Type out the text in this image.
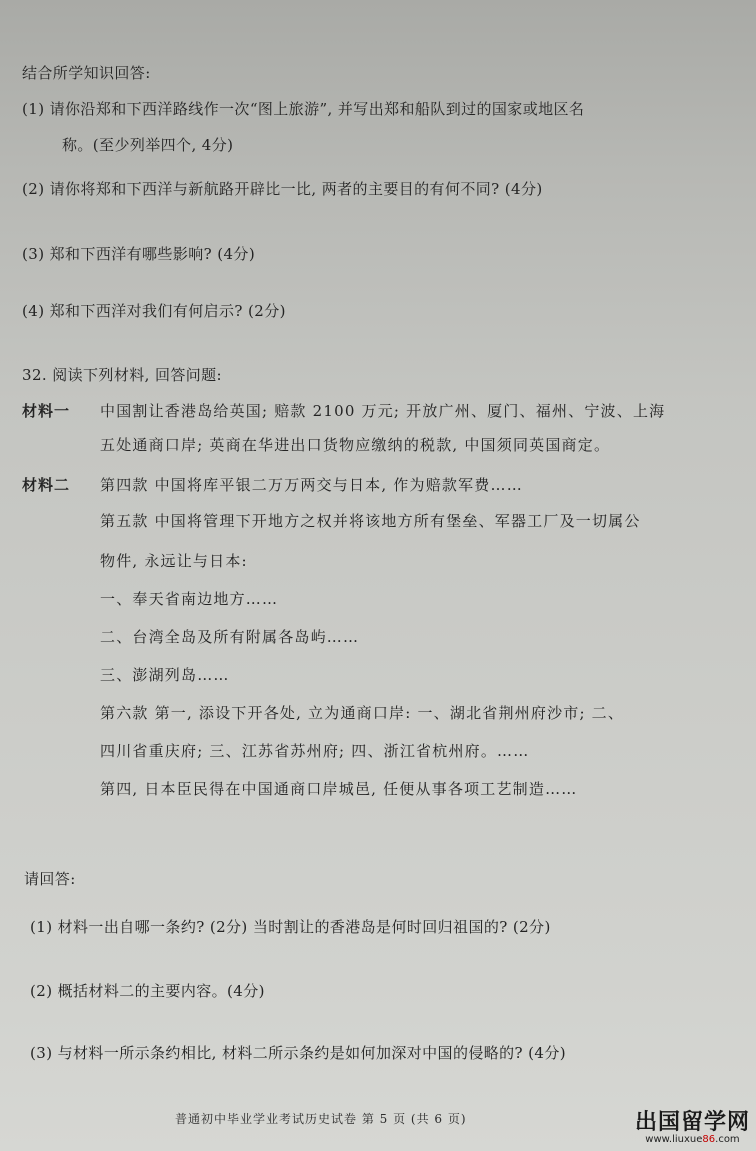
结合所学知识回答:
(1) 请你沿郑和下西洋路线作一次“图上旅游”, 并写出郑和船队到过的国家或地区名
称。(至少列举四个, 4分)
(2) 请你将郑和下西洋与新航路开辟比一比, 两者的主要目的有何不同? (4分)
(3) 郑和下西洋有哪些影响? (4分)
(4) 郑和下西洋对我们有何启示? (2分)
32. 阅读下列材料, 回答问题:
材料一 中国割让香港岛给英国; 赔款 2100 万元; 开放广州、厦门、福州、宁波、上海
五处通商口岸; 英商在华进出口货物应缴纳的税款, 中国须同英国商定。
材料二 第四款 中国将库平银二万万两交与日本, 作为赔款军费……
第五款 中国将管理下开地方之权并将该地方所有堡垒、军器工厂及一切属公
物件, 永远让与日本:
一、奉天省南边地方……
二、台湾全岛及所有附属各岛屿……
三、澎湖列岛……
第六款 第一, 添设下开各处, 立为通商口岸: 一、湖北省荆州府沙市; 二、
四川省重庆府; 三、江苏省苏州府; 四、浙江省杭州府。……
第四, 日本臣民得在中国通商口岸城邑, 任便从事各项工艺制造……
请回答:
(1) 材料一出自哪一条约? (2分) 当时割让的香港岛是何时回归祖国的? (2分)
(2) 概括材料二的主要内容。(4分)
(3) 与材料一所示条约相比, 材料二所示条约是如何加深对中国的侵略的? (4分)
普通初中毕业学业考试历史试卷 第 5 页 (共 6 页)	出国留学网
www.liuxue86.com
